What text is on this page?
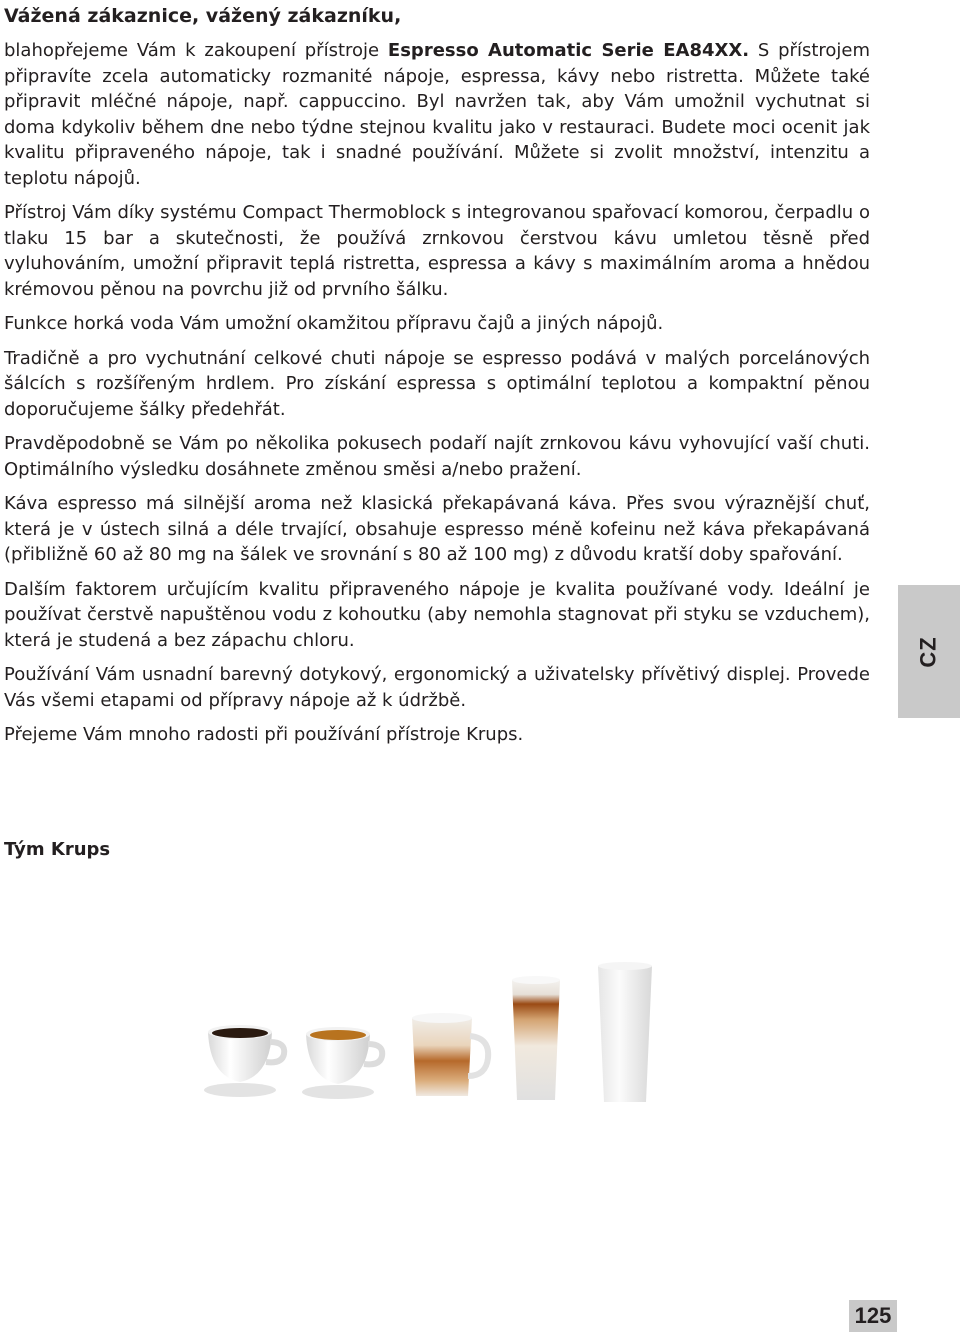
Vážená zákaznice, vážený zákazníku,

blahopřejeme Vám k zakoupení přístroje Espresso Automatic Serie EA84XX. S přístrojem připravíte zcela automaticky rozmanité nápoje, espressa, kávy nebo ristretta. Můžete také připravit mléčné nápoje, např. cappuccino. Byl navržen tak, aby Vám umožnil vychutnat si doma kdykoliv během dne nebo týdne stejnou kvalitu jako v restauraci. Budete moci ocenit jak kvalitu připraveného nápoje, tak i snadné používání. Můžete si zvolit množství, intenzitu a teplotu nápojů.

Přístroj Vám díky systému Compact Thermoblock s integrovanou spařovací komorou, čerpadlu o tlaku 15 bar a skutečnosti, že používá zrnkovou čerstvou kávu umletou těsně před vyluhováním, umožní připravit teplá ristretta, espressa a kávy s maximálním aroma a hnědou krémovou pěnou na povrchu již od prvního šálku.

Funkce horká voda Vám umožní okamžitou přípravu čajů a jiných nápojů.

Tradičně a pro vychutnání celkové chuti nápoje se espresso podává v malých porcelánových šálcích s rozšířeným hrdlem. Pro získání espressa s optimální teplotou a kompaktní pěnou doporučujeme šálky předehřát.

Pravděpodobně se Vám po několika pokusech podaří najít zrnkovou kávu vyhovující vaší chuti. Optimálního výsledku dosáhnete změnou směsi a/nebo pražení.

Káva espresso má silnější aroma než klasická překapávaná káva. Přes svou výraznější chuť, která je v ústech silná a déle trvající, obsahuje espresso méně kofeinu než káva překapávaná (přibližně 60 až 80 mg na šálek ve srovnání s 80 až 100 mg) z důvodu kratší doby spařování.

Dalším faktorem určujícím kvalitu připraveného nápoje je kvalita používané vody. Ideální je používat čerstvě napuštěnou vodu z kohoutku (aby nemohla stagnovat při styku se vzduchem), která je studená a bez zápachu chloru.

Používání Vám usnadní barevný dotykový, ergonomický a uživatelsky přívětivý displej. Provede Vás všemi etapami od přípravy nápoje až k údržbě.

Přejeme Vám mnoho radosti při používání přístroje Krups.

Tým Krups
CZ
125
